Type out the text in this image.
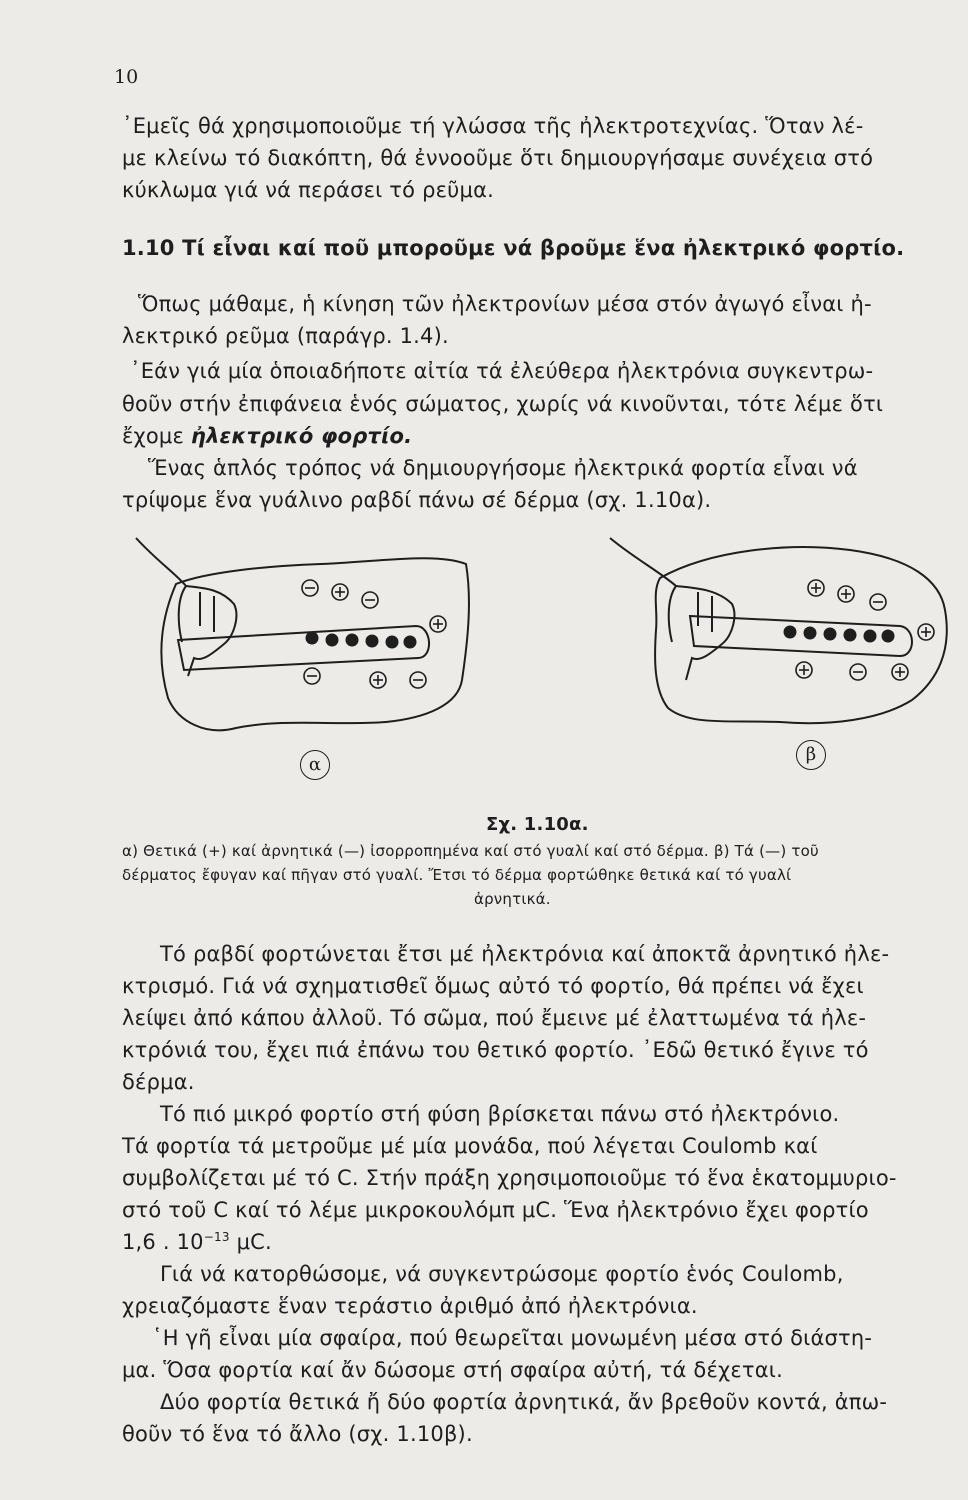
10
᾿Εμεῖς θά χρησιμοποιοῦμε τή γλώσσα τῆς ἠλεκτροτεχνίας. Ὅταν λέ-
με κλείνω τό διακόπτη, θά ἐννοοῦμε ὅτι δημιουργήσαμε συνέχεια στό
κύκλωμα γιά νά περάσει τό ρεῦμα.
1.10 Τί εἶναι καί ποῦ μποροῦμε νά βροῦμε ἕνα ἠλεκτρικό φορτίο.
Ὅπως μάθαμε, ἡ κίνηση τῶν ἠλεκτρονίων μέσα στόν ἀγωγό εἶναι ἠ-
λεκτρικό ρεῦμα (παράγρ. 1.4).
᾿Εάν γιά μία ὁποιαδήποτε αἰτία τά ἐλεύθερα ἠλεκτρόνια συγκεντρω-
θοῦν στήν ἐπιφάνεια ἑνός σώματος, χωρίς νά κινοῦνται, τότε λέμε ὅτι
ἔχομε ἠλεκτρικό φορτίο.
Ἕνας ἁπλός τρόπος νά δημιουργήσομε ἠλεκτρικά φορτία εἶναι νά
τρίψομε ἕνα γυάλινο ραβδί πάνω σέ δέρμα (σχ. 1.10α).
α	β
Σχ. 1.10α.
α) Θετικά (+) καί ἀρνητικά (—) ἰσορροπημένα καί στό γυαλί καί στό δέρμα. β) Τά (—) τοῦ
δέρματος ἔφυγαν καί πῆγαν στό γυαλί. Ἔτσι τό δέρμα φορτώθηκε θετικά καί τό γυαλί
ἀρνητικά.
Τό ραβδί φορτώνεται ἔτσι μέ ἠλεκτρόνια καί ἀποκτᾶ ἀρνητικό ἠλε-
κτρισμό. Γιά νά σχηματισθεῖ ὅμως αὐτό τό φορτίο, θά πρέπει νά ἔχει
λείψει ἀπό κάπου ἀλλοῦ. Τό σῶμα, πού ἔμεινε μέ ἐλαττωμένα τά ἠλε-
κτρόνιά του, ἔχει πιά ἐπάνω του θετικό φορτίο. ᾿Εδῶ θετικό ἔγινε τό
δέρμα.
Τό πιό μικρό φορτίο στή φύση βρίσκεται πάνω στό ἠλεκτρόνιο.
Τά φορτία τά μετροῦμε μέ μία μονάδα, πού λέγεται Coulomb καί
συμβολίζεται μέ τό C. Στήν πράξη χρησιμοποιοῦμε τό ἕνα ἑκατομμυριο-
στό τοῦ C καί τό λέμε μικροκουλόμπ μC. Ἕνα ἠλεκτρόνιο ἔχει φορτίο
1,6 . $10^{-13}$ μC.
Γιά νά κατορθώσομε, νά συγκεντρώσομε φορτίο ἑνός Coulomb,
χρειαζόμαστε ἕναν τεράστιο ἀριθμό ἀπό ἠλεκτρόνια.
῾Η γῆ εἶναι μία σφαίρα, πού θεωρεῖται μονωμένη μέσα στό διάστη-
μα. Ὅσα φορτία καί ἄν δώσομε στή σφαίρα αὐτή, τά δέχεται.
Δύο φορτία θετικά ἤ δύο φορτία ἀρνητικά, ἄν βρεθοῦν κοντά, ἀπω-
θοῦν τό ἕνα τό ἄλλο (σχ. 1.10β).
